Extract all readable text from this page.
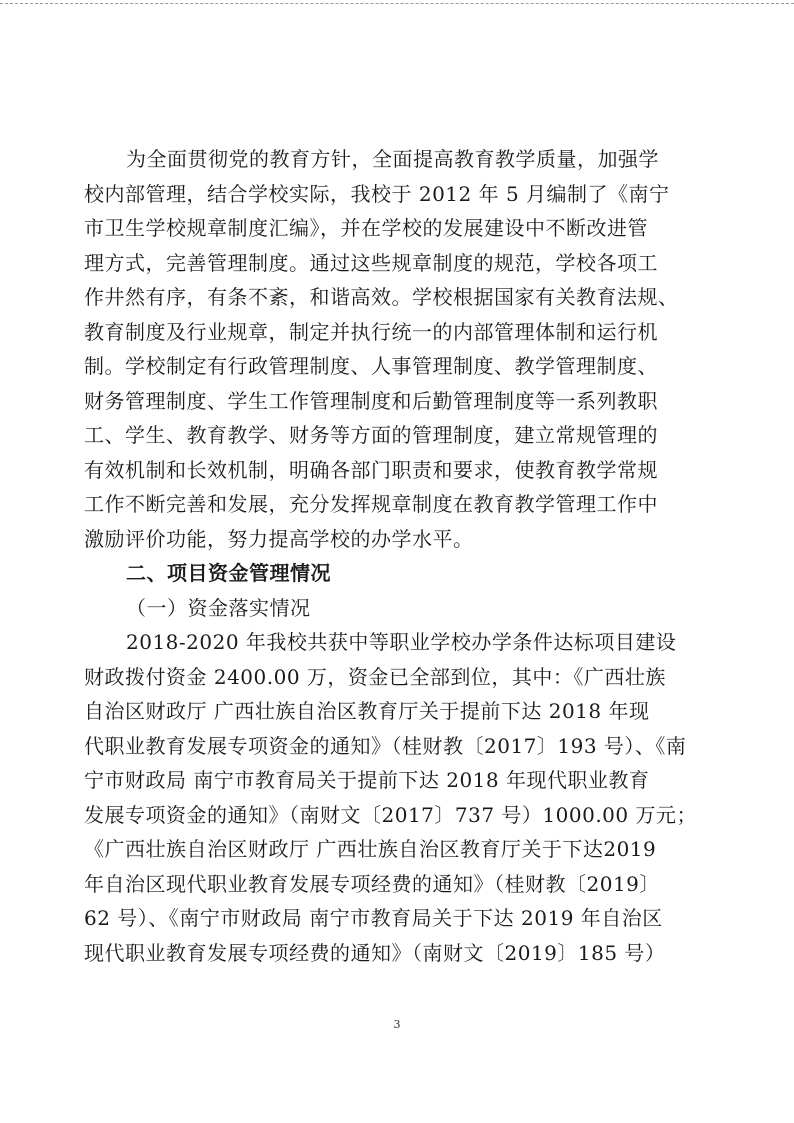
为全面贯彻党的教育方针，全面提高教育教学质量，加强学
校内部管理，结合学校实际，我校于 2012 年 5 月编制了《南宁
市卫生学校规章制度汇编》，并在学校的发展建设中不断改进管
理方式，完善管理制度。通过这些规章制度的规范，学校各项工
作井然有序，有条不紊，和谐高效。学校根据国家有关教育法规、
教育制度及行业规章，制定并执行统一的内部管理体制和运行机
制。学校制定有行政管理制度、人事管理制度、教学管理制度、
财务管理制度、学生工作管理制度和后勤管理制度等一系列教职
工、学生、教育教学、财务等方面的管理制度，建立常规管理的
有效机制和长效机制，明确各部门职责和要求，使教育教学常规
工作不断完善和发展，充分发挥规章制度在教育教学管理工作中
激励评价功能，努力提高学校的办学水平。
二、项目资金管理情况
（一）资金落实情况
2018-2020 年我校共获中等职业学校办学条件达标项目建设
财政拨付资金 2400.00 万，资金已全部到位，其中：《广西壮族
自治区财政厅 广西壮族自治区教育厅关于提前下达 2018 年现
代职业教育发展专项资金的通知》（桂财教〔2017〕193 号）、《南
宁市财政局 南宁市教育局关于提前下达 2018 年现代职业教育
发展专项资金的通知》（南财文〔2017〕737 号）1000.00 万元；
《广西壮族自治区财政厅 广西壮族自治区教育厅关于下达2019
年自治区现代职业教育发展专项经费的通知》（桂财教〔2019〕
62 号）、《南宁市财政局 南宁市教育局关于下达 2019 年自治区
现代职业教育发展专项经费的通知》（南财文〔2019〕185 号）
3
